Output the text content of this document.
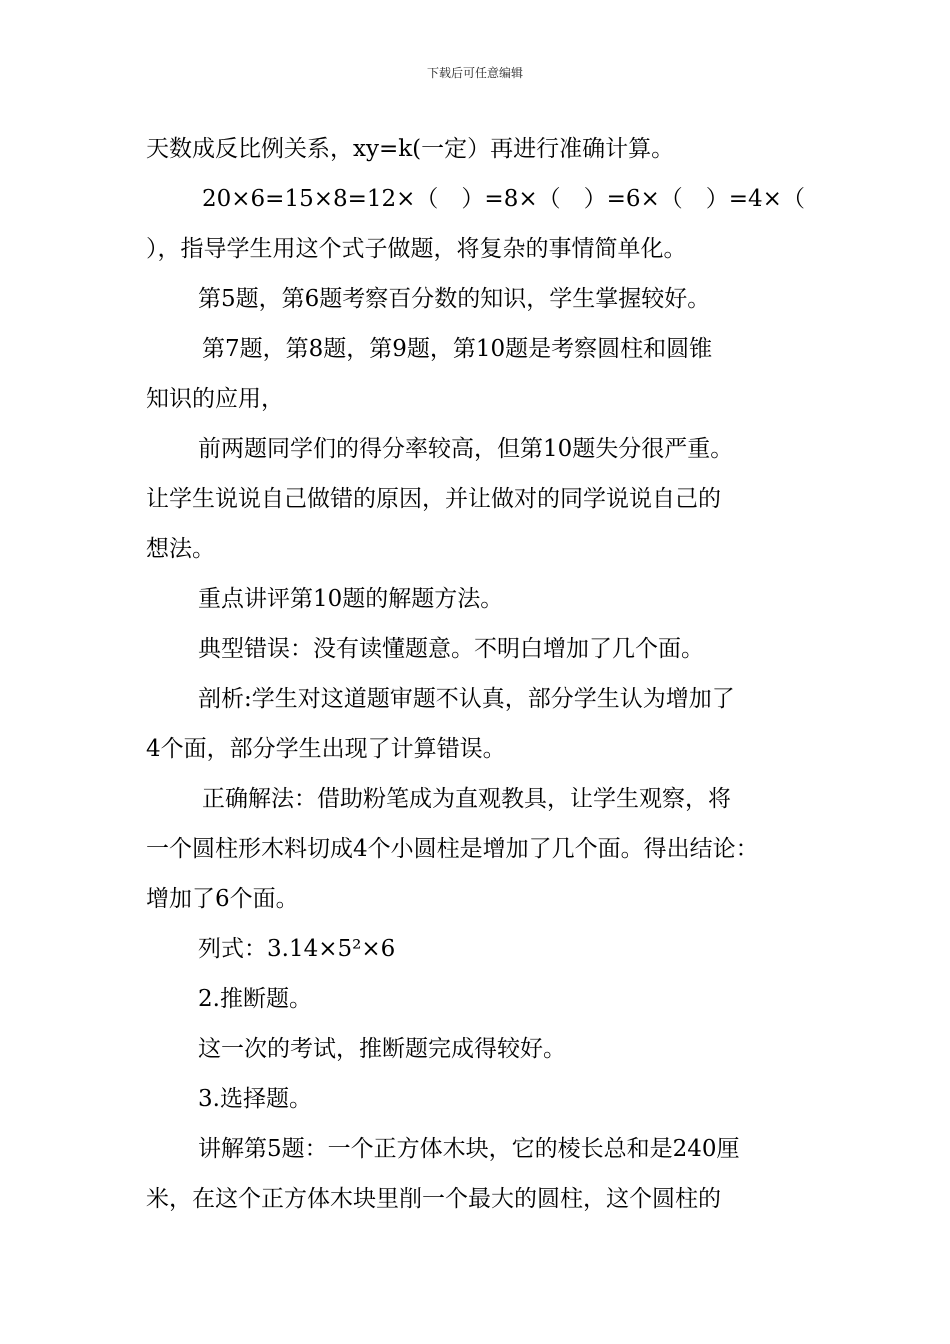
下载后可任意编辑
天数成反比例关系，xy=k(一定）再进行准确计算。
20×6=15×8=12×（　）=8×（　）=6×（　）=4×（
），指导学生用这个式子做题，将复杂的事情简单化。
第5题，第6题考察百分数的知识，学生掌握较好。
第7题，第8题，第9题，第10题是考察圆柱和圆锥
知识的应用，
前两题同学们的得分率较高，但第10题失分很严重。
让学生说说自己做错的原因，并让做对的同学说说自己的
想法。
重点讲评第10题的解题方法。
典型错误：没有读懂题意。不明白增加了几个面。
剖析:学生对这道题审题不认真，部分学生认为增加了
4个面，部分学生出现了计算错误。
正确解法：借助粉笔成为直观教具，让学生观察，将
一个圆柱形木料切成4个小圆柱是增加了几个面。得出结论：
增加了6个面。
列式：3.14×5²×6
2.推断题。
这一次的考试，推断题完成得较好。
3.选择题。
讲解第5题：一个正方体木块，它的棱长总和是240厘
米，在这个正方体木块里削一个最大的圆柱，这个圆柱的
